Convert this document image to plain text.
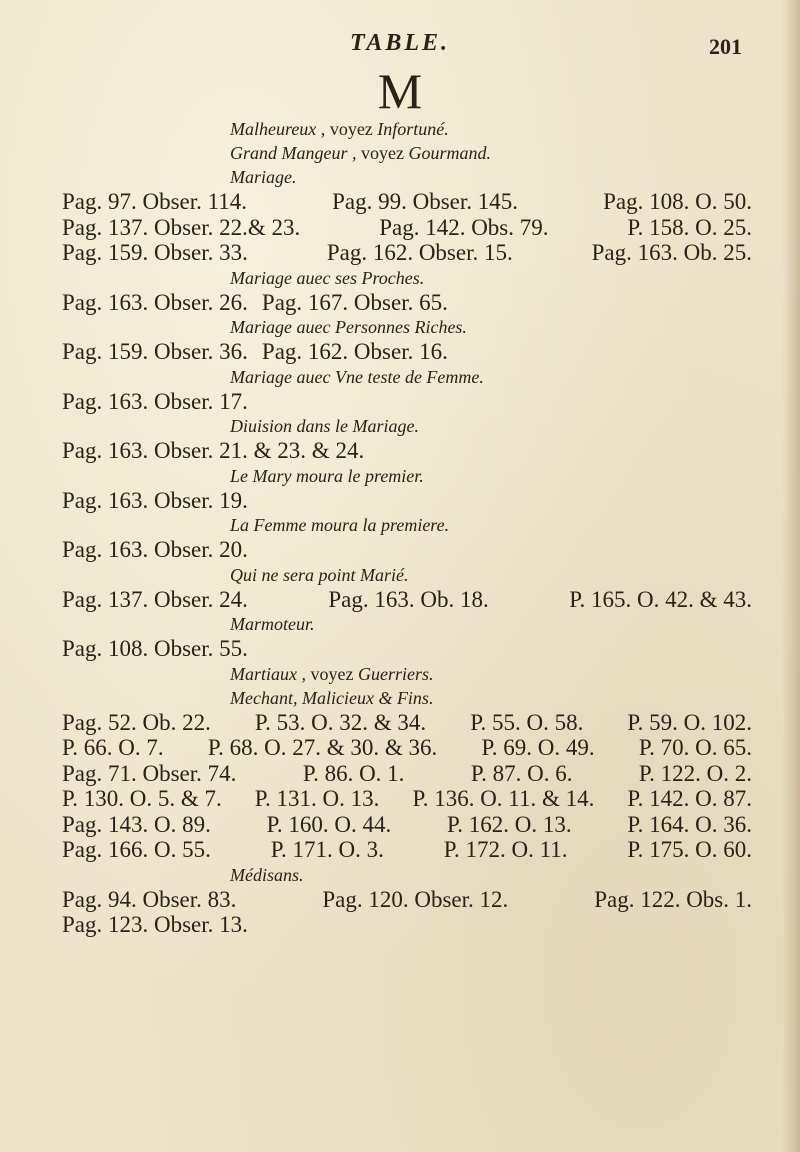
TABLE.	201
M
Malheureux , voyez Infortuné.
Grand Mangeur , voyez Gourmand.
Mariage.
Pag. 97. Obser. 114.	Pag. 99. Obser. 145.	Pag. 108. O. 50.
Pag. 137. Obser. 22.& 23.	Pag. 142. Obs. 79.	P. 158. O. 25.
Pag. 159. Obser. 33.	Pag. 162. Obser. 15.	Pag. 163. Ob. 25.
Mariage auec ses Proches.
Pag. 163. Obser. 26. Pag. 167. Obser. 65.
Mariage auec Personnes Riches.
Pag. 159. Obser. 36. Pag. 162. Obser. 16.
Mariage auec Vne teste de Femme.
Pag. 163. Obser. 17.
Diuision dans le Mariage.
Pag. 163. Obser. 21. & 23. & 24.
Le Mary moura le premier.
Pag. 163. Obser. 19.
La Femme moura la premiere.
Pag. 163. Obser. 20.
Qui ne sera point Marié.
Pag. 137. Obser. 24.	Pag. 163. Ob. 18.	P. 165. O. 42. & 43.
Marmoteur.
Pag. 108. Obser. 55.
Martiaux , voyez Guerriers.
Mechant, Malicieux & Fins.
Pag. 52. Ob. 22. P. 53. O. 32. & 34. P. 55. O. 58. P. 59. O. 102.
P. 66. O. 7. P. 68. O. 27. & 30. & 36. P. 69. O. 49. P. 70. O. 65.
Pag. 71. Obser. 74.	P. 86. O. 1.	P. 87. O. 6.	P. 122. O. 2.
P. 130. O. 5. & 7. P. 131. O. 13. P. 136. O. 11. & 14. P. 142. O. 87.
Pag. 143. O. 89. P. 160. O. 44. P. 162. O. 13. P. 164. O. 36.
Pag. 166. O. 55.	P. 171. O. 3.	P. 172. O. 11.	P. 175. O. 60.
Médisans.
Pag. 94. Obser. 83.	Pag. 120. Obser. 12.	Pag. 122. Obs. 1.
Pag. 123. Obser. 13.
